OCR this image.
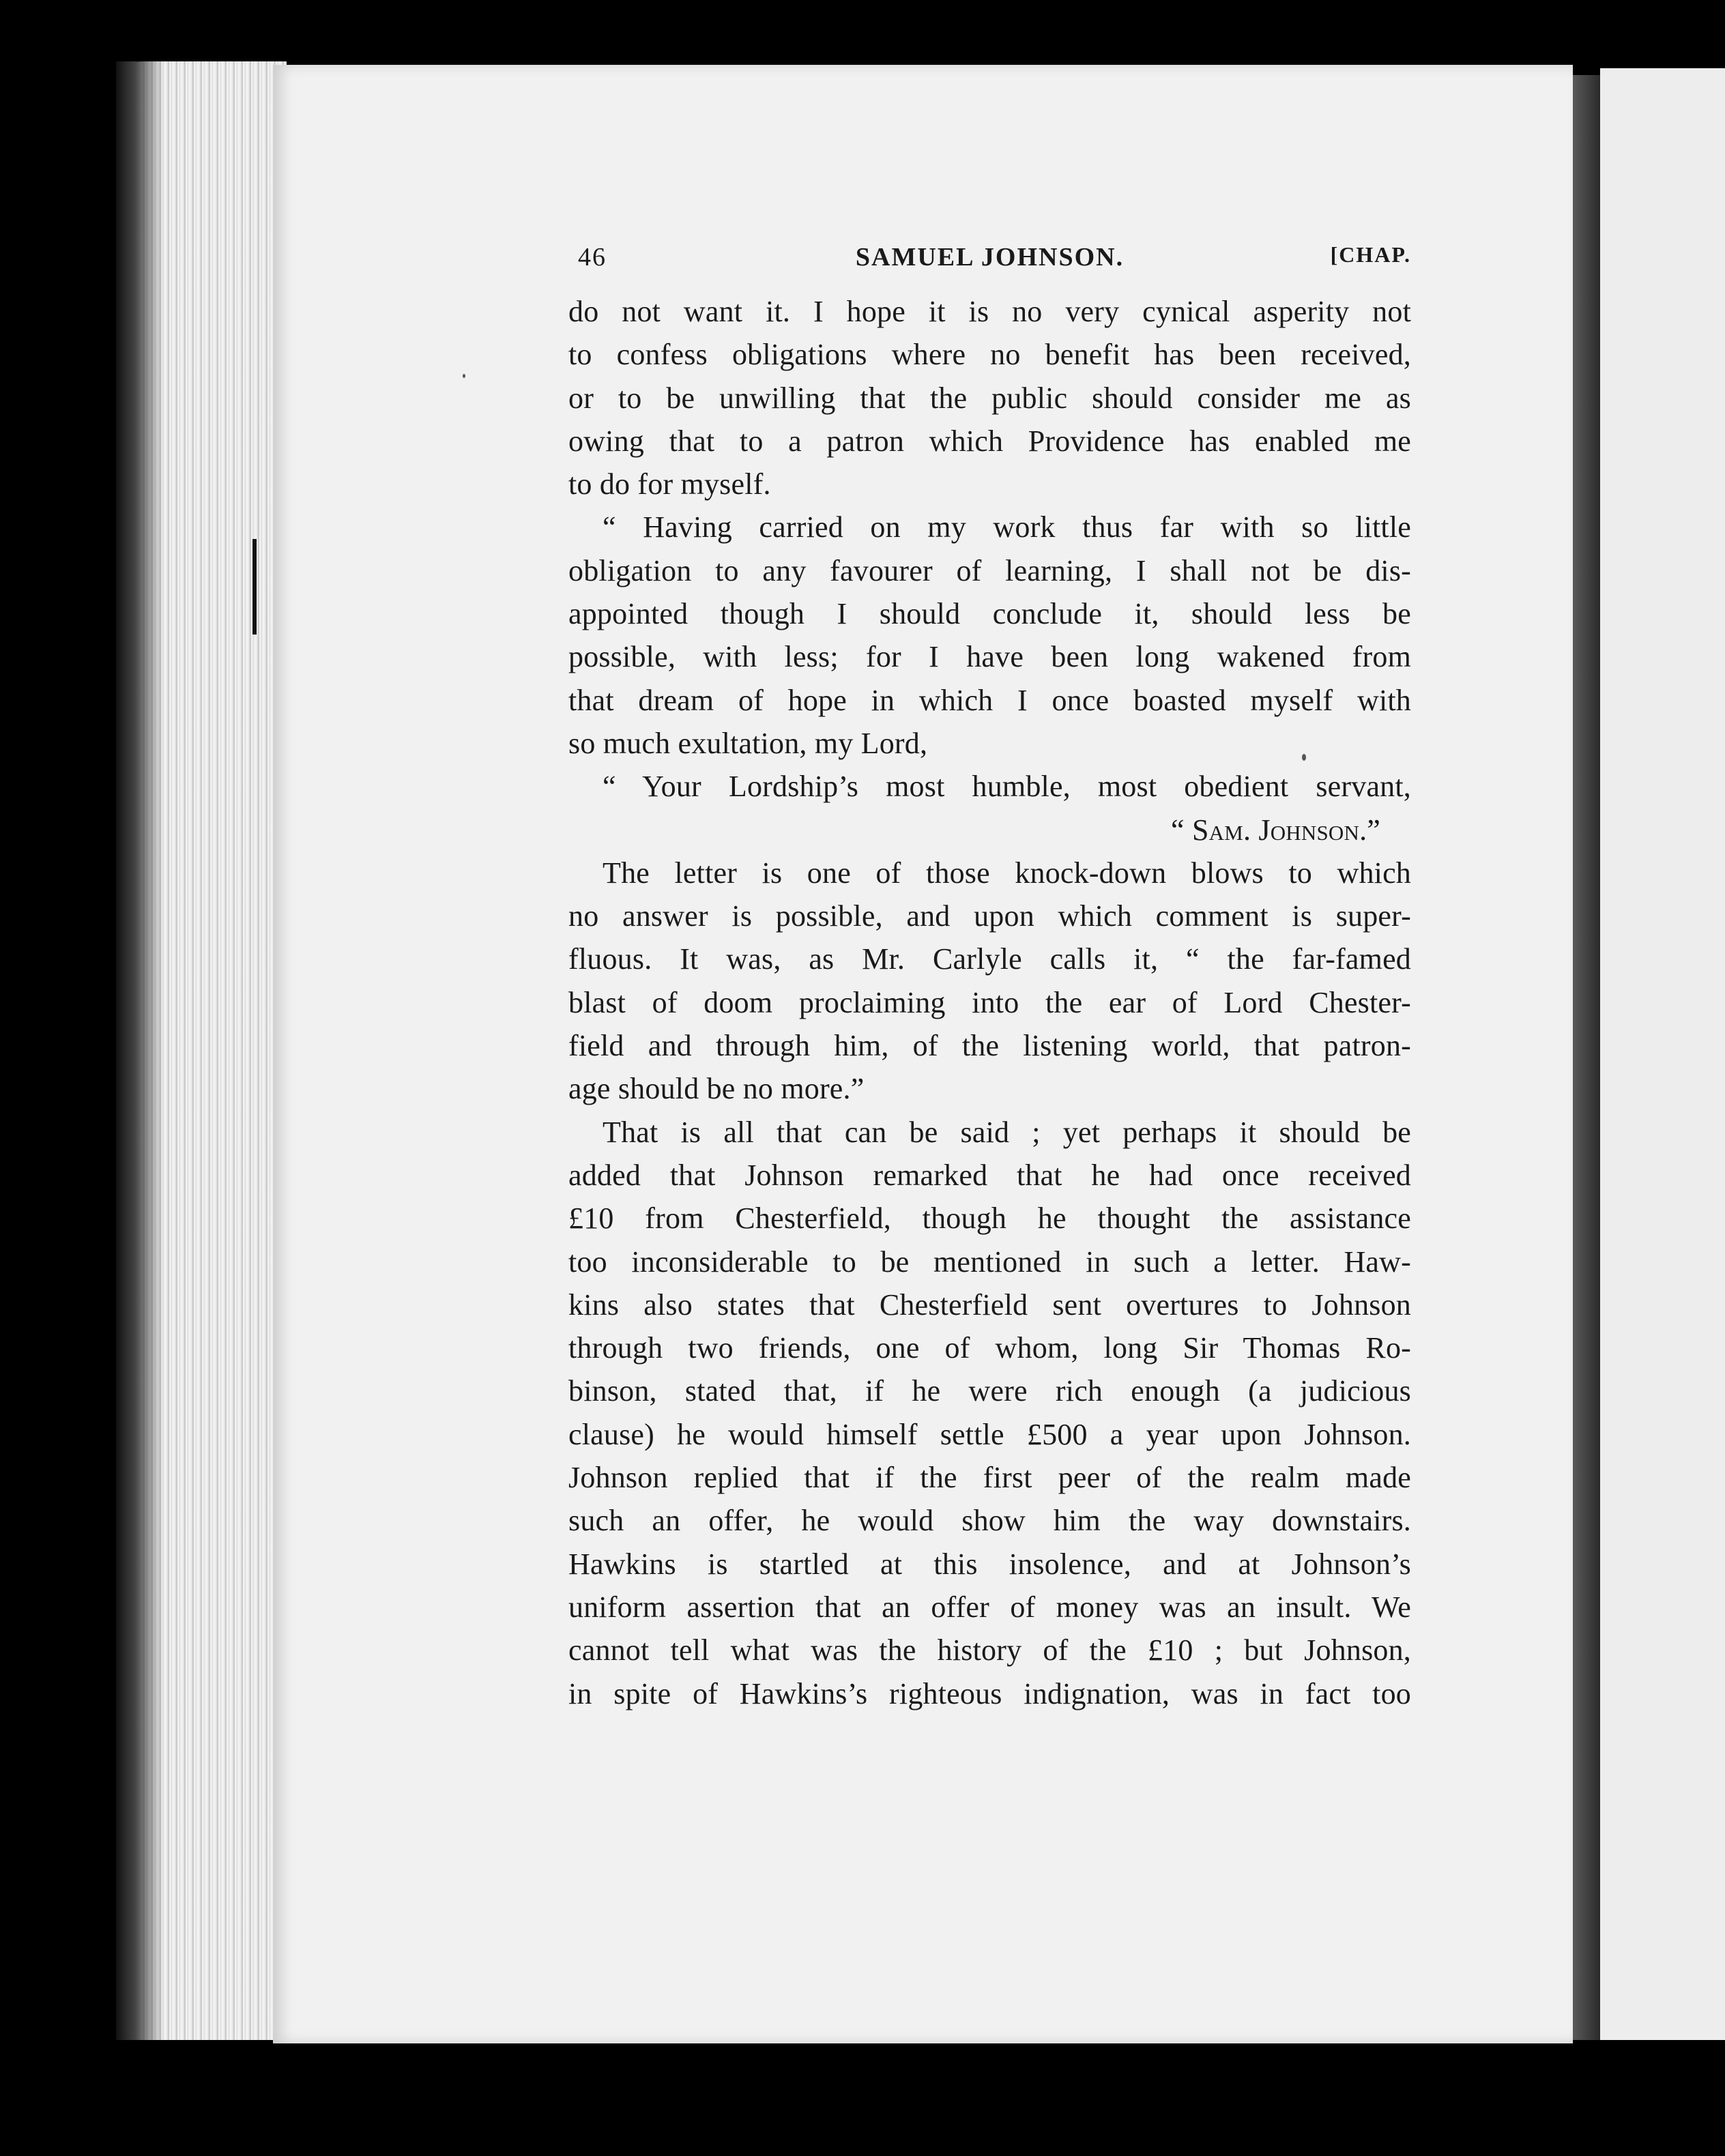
46	SAMUEL JOHNSON.	[CHAP.
do not want it. I hope it is no very cynical asperity not
to confess obligations where no benefit has been received,
or to be unwilling that the public should consider me as
owing that to a patron which Providence has enabled me
to do for myself.
“ Having carried on my work thus far with so little
obligation to any favourer of learning, I shall not be dis-
appointed though I should conclude it, should less be
possible, with less; for I have been long wakened from
that dream of hope in which I once boasted myself with
so much exultation, my Lord,
“ Your Lordship’s most humble, most obedient servant,
“ Sam. Johnson.”
The letter is one of those knock-down blows to which
no answer is possible, and upon which comment is super-
fluous. It was, as Mr. Carlyle calls it, “ the far-famed
blast of doom proclaiming into the ear of Lord Chester-
field and through him, of the listening world, that patron-
age should be no more.”
That is all that can be said ; yet perhaps it should be
added that Johnson remarked that he had once received
£10 from Chesterfield, though he thought the assistance
too inconsiderable to be mentioned in such a letter. Haw-
kins also states that Chesterfield sent overtures to Johnson
through two friends, one of whom, long Sir Thomas Ro-
binson, stated that, if he were rich enough (a judicious
clause) he would himself settle £500 a year upon Johnson.
Johnson replied that if the first peer of the realm made
such an offer, he would show him the way downstairs.
Hawkins is startled at this insolence, and at Johnson’s
uniform assertion that an offer of money was an insult. We
cannot tell what was the history of the £10 ; but Johnson,
in spite of Hawkins’s righteous indignation, was in fact too
